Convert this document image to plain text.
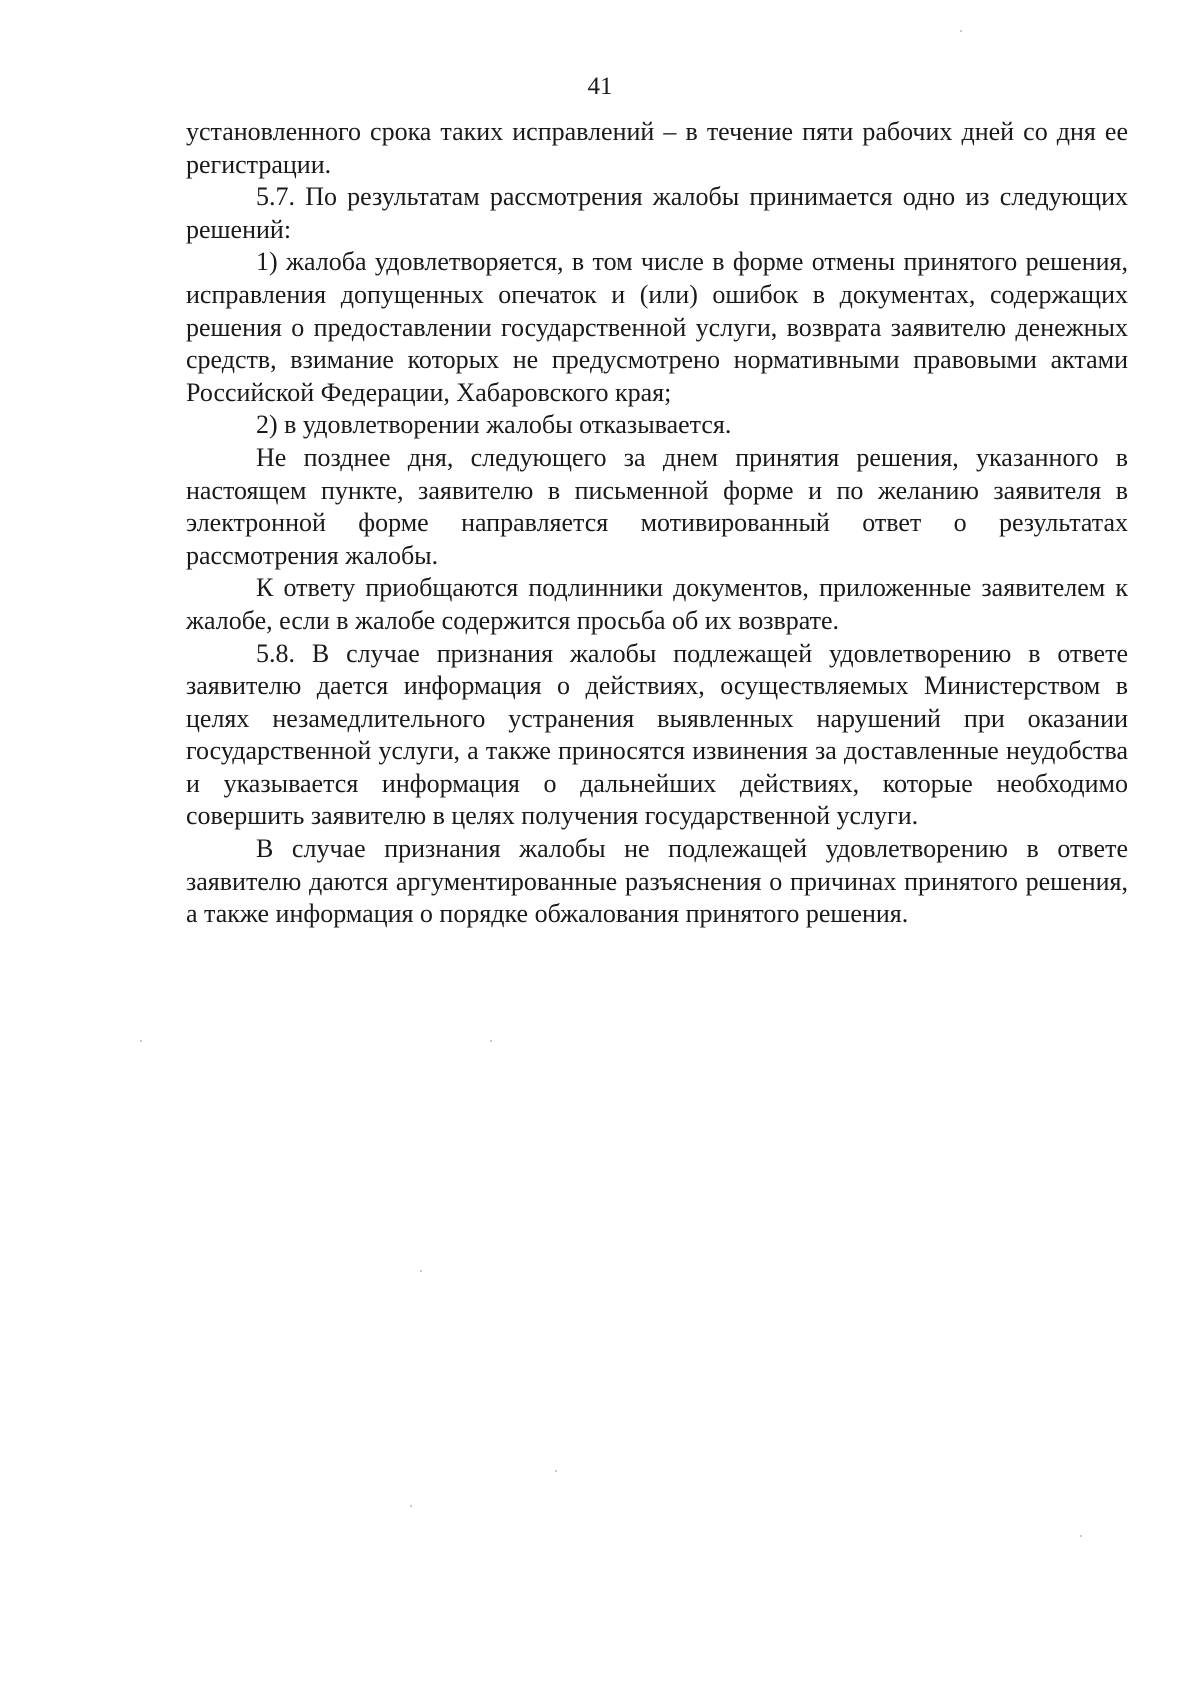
41

установленного срока таких исправлений – в течение пяти рабочих дней со дня ее регистрации.

5.7. По результатам рассмотрения жалобы принимается одно из следующих решений:

1) жалоба удовлетворяется, в том числе в форме отмены принятого решения, исправления допущенных опечаток и (или) ошибок в документах, содержащих решения о предоставлении государственной услуги, возврата заявителю денежных средств, взимание которых не предусмотрено нормативными правовыми актами Российской Федерации, Хабаровского края;

2) в удовлетворении жалобы отказывается.

Не позднее дня, следующего за днем принятия решения, указанного в настоящем пункте, заявителю в письменной форме и по желанию заявителя в электронной форме направляется мотивированный ответ о результатах рассмотрения жалобы.

К ответу приобщаются подлинники документов, приложенные заявителем к жалобе, если в жалобе содержится просьба об их возврате.

5.8. В случае признания жалобы подлежащей удовлетворению в ответе заявителю дается информация о действиях, осуществляемых Министерством в целях незамедлительного устранения выявленных нарушений при оказании государственной услуги, а также приносятся извинения за доставленные неудобства и указывается информация о дальнейших действиях, которые необходимо совершить заявителю в целях получения государственной услуги.

В случае признания жалобы не подлежащей удовлетворению в ответе заявителю даются аргументированные разъяснения о причинах принятого решения, а также информация о порядке обжалования принятого решения.
